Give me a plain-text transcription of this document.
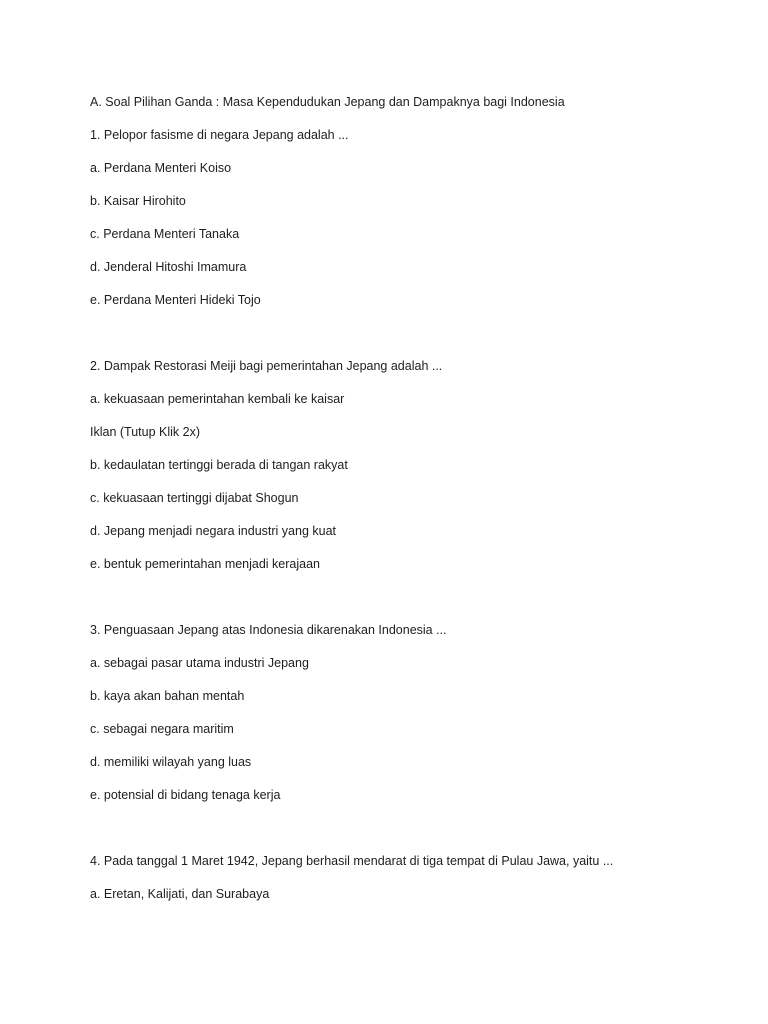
A. Soal Pilihan Ganda : Masa Kependudukan Jepang dan Dampaknya bagi Indonesia
1. Pelopor fasisme di negara Jepang adalah ...
a. Perdana Menteri Koiso
b. Kaisar Hirohito
c. Perdana Menteri Tanaka
d. Jenderal Hitoshi Imamura
e. Perdana Menteri Hideki Tojo
2. Dampak Restorasi Meiji bagi pemerintahan Jepang adalah ...
a. kekuasaan pemerintahan kembali ke kaisar
Iklan (Tutup Klik 2x)
b. kedaulatan tertinggi berada di tangan rakyat
c. kekuasaan tertinggi dijabat Shogun
d. Jepang menjadi negara industri yang kuat
e. bentuk pemerintahan menjadi kerajaan
3. Penguasaan Jepang atas Indonesia dikarenakan Indonesia ...
a. sebagai pasar utama industri Jepang
b. kaya akan bahan mentah
c. sebagai negara maritim
d. memiliki wilayah yang luas
e. potensial di bidang tenaga kerja
4. Pada tanggal 1 Maret 1942, Jepang berhasil mendarat di tiga tempat di Pulau Jawa, yaitu ...
a. Eretan, Kalijati, dan Surabaya
